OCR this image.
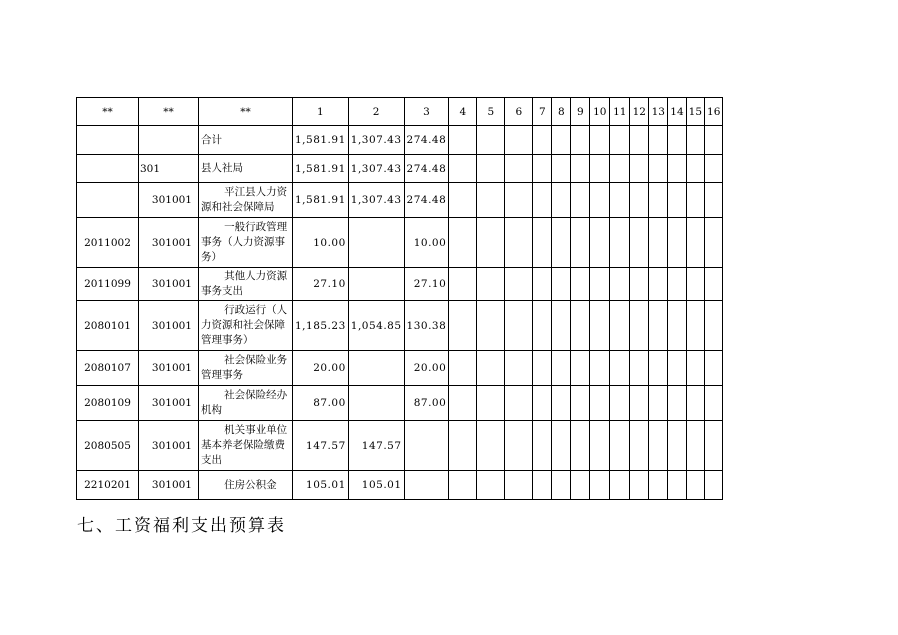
**	**	**	1	2	3	4	5	6	7	8	9	10	11	12	13	14	15	16
		合计	1,581.91	1,307.43	274.48													
	301	县人社局	1,581.91	1,307.43	274.48													
	301001	平江县人力资源和社会保障局	1,581.91	1,307.43	274.48													
2011002	301001	一般行政管理事务（人力资源事务）	10.00		10.00													
2011099	301001	其他人力资源事务支出	27.10		27.10													
2080101	301001	行政运行（人力资源和社会保障管理事务）	1,185.23	1,054.85	130.38													
2080107	301001	社会保险业务管理事务	20.00		20.00													
2080109	301001	社会保险经办机构	87.00		87.00													
2080505	301001	机关事业单位基本养老保险缴费支出	147.57	147.57														
2210201	301001	住房公积金	105.01	105.01														
七、工资福利支出预算表
